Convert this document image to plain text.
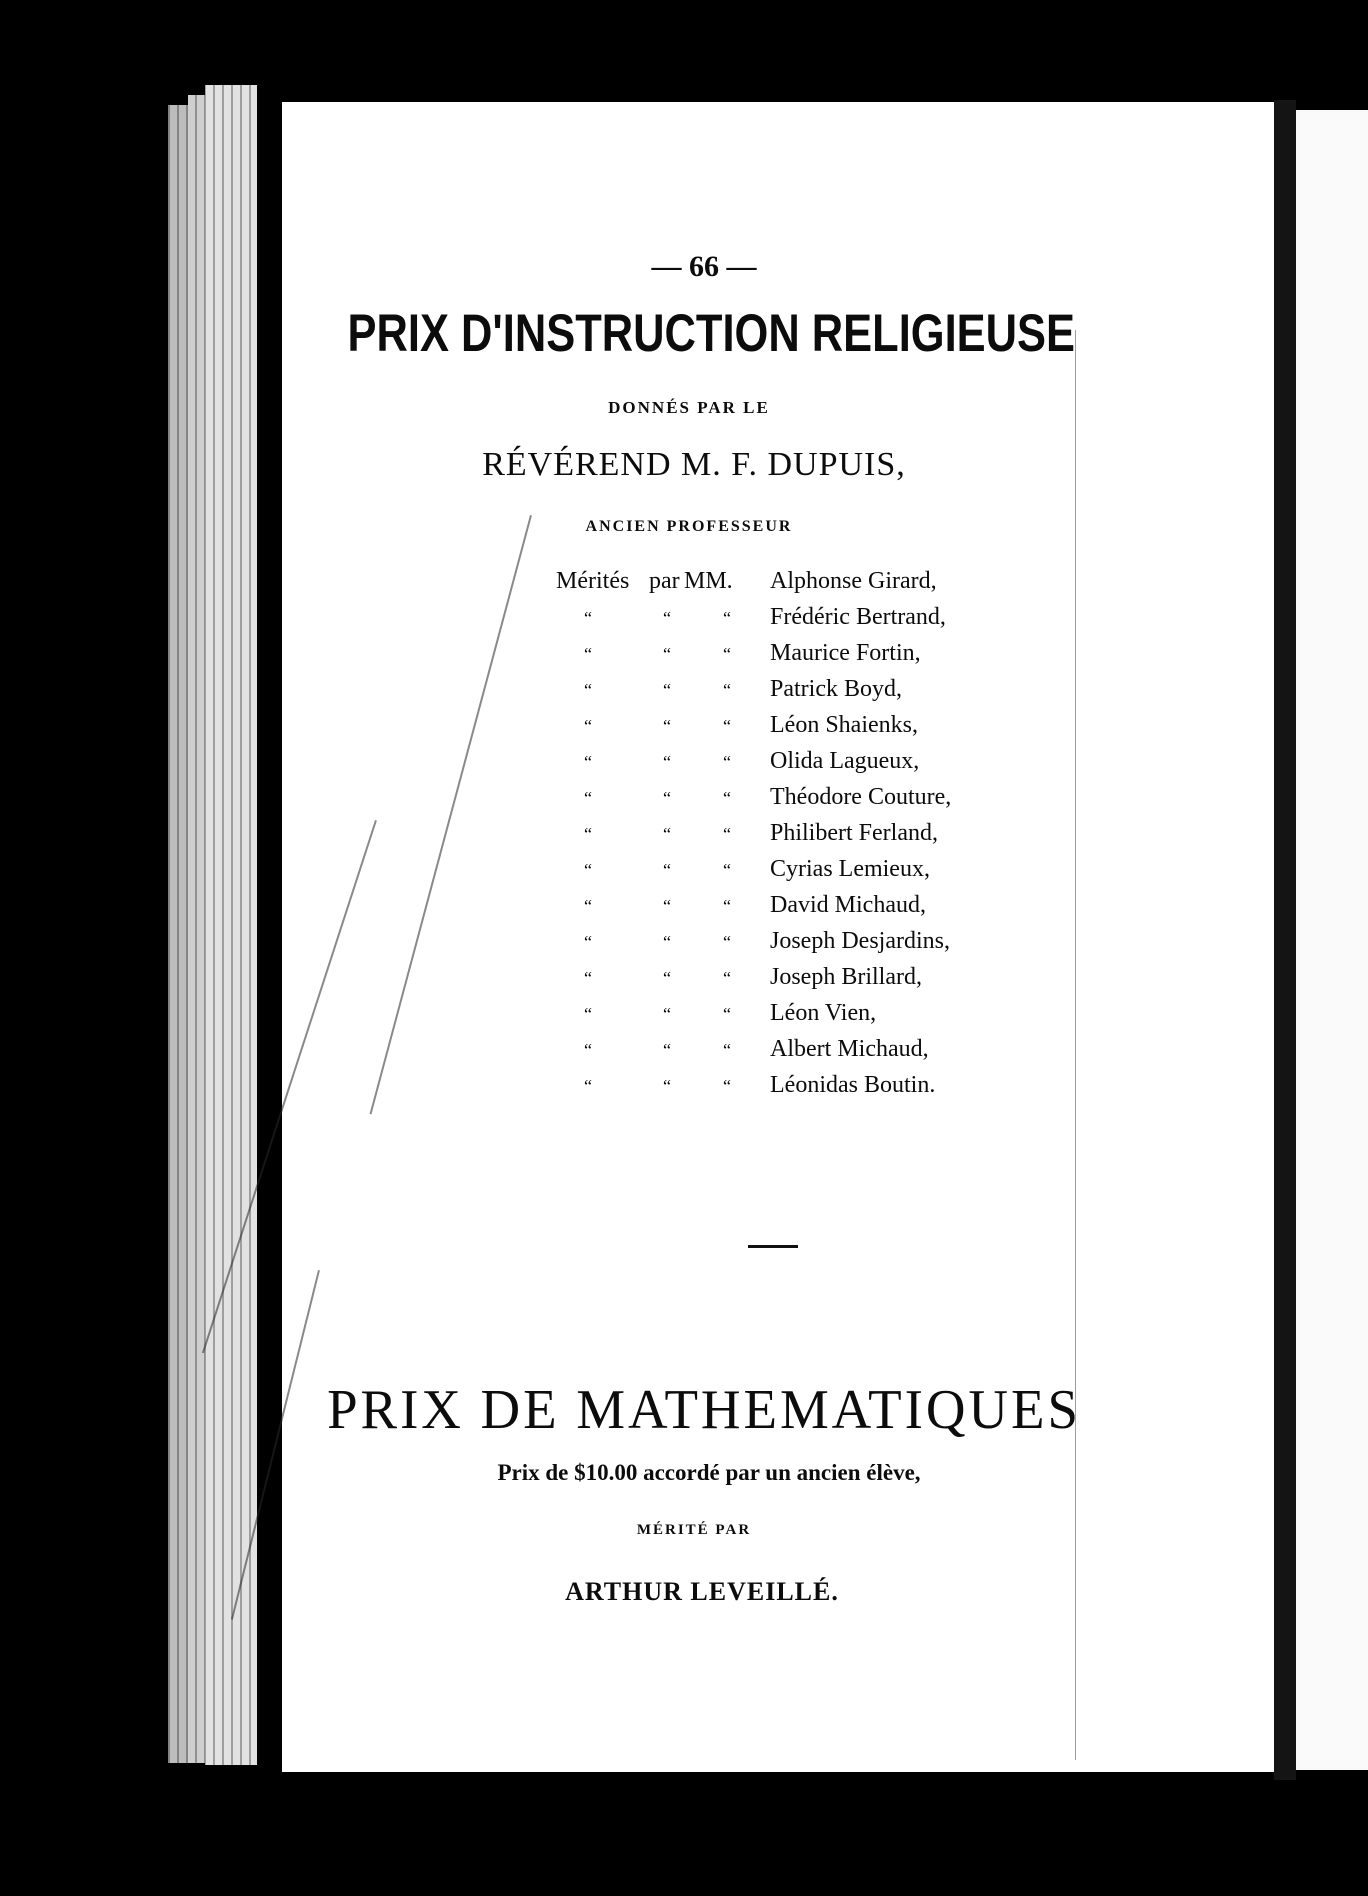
— 66 —
PRIX D'INSTRUCTION RELIGIEUSE
DONNÉS PAR LE
RÉVÉREND M. F. DUPUIS,
ANCIEN PROFESSEUR
Mérités par MM. Alphonse Girard,
“	“	“ Frédéric Bertrand,
“	“	“ Maurice Fortin,
“	“	“ Patrick Boyd,
“	“	“ Léon Shaienks,
“	“	“ Olida Lagueux,
“	“	“ Théodore Couture,
“	“	“ Philibert Ferland,
“	“	“ Cyrias Lemieux,
“	“	“ David Michaud,
“	“	“ Joseph Desjardins,
“	“	“ Joseph Brillard,
“	“	“ Léon Vien,
“	“	“ Albert Michaud,
“	“	“ Léonidas Boutin.
PRIX DE MATHEMATIQUES
Prix de $10.00 accordé par un ancien élève,
MÉRITÉ PAR
ARTHUR LEVEILLÉ.
